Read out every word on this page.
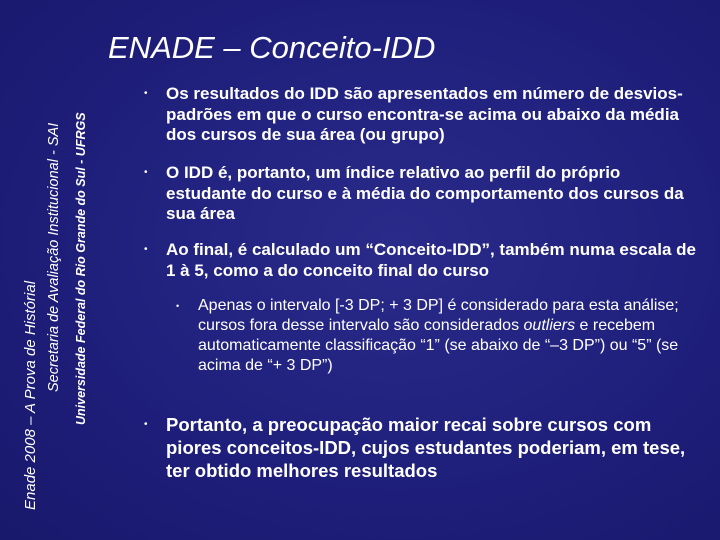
ENADE – Conceito-IDD
Enade 2008 – A Prova de Histórial
Secretaria de Avaliação Institucional - SAI Universidade Federal do Rio Grande do Sul - UFRGS
• Os resultados do IDD são apresentados em número de desvios-padrões em que o curso encontra-se acima ou abaixo da média dos cursos de sua área (ou grupo)
• O IDD é, portanto, um índice relativo ao perfil do próprio estudante do curso e à média do comportamento dos cursos da sua área
• Ao final, é calculado um “Conceito-IDD”, também numa escala de 1 à 5, como a do conceito final do curso
• Apenas o intervalo [-3 DP; + 3 DP] é considerado para esta análise; cursos fora desse intervalo são considerados outliers e recebem automaticamente classificação “1” (se abaixo de “–3 DP”) ou “5” (se acima de “+ 3 DP”)
• Portanto, a preocupação maior recai sobre cursos com piores conceitos-IDD, cujos estudantes poderiam, em tese, ter obtido melhores resultados
